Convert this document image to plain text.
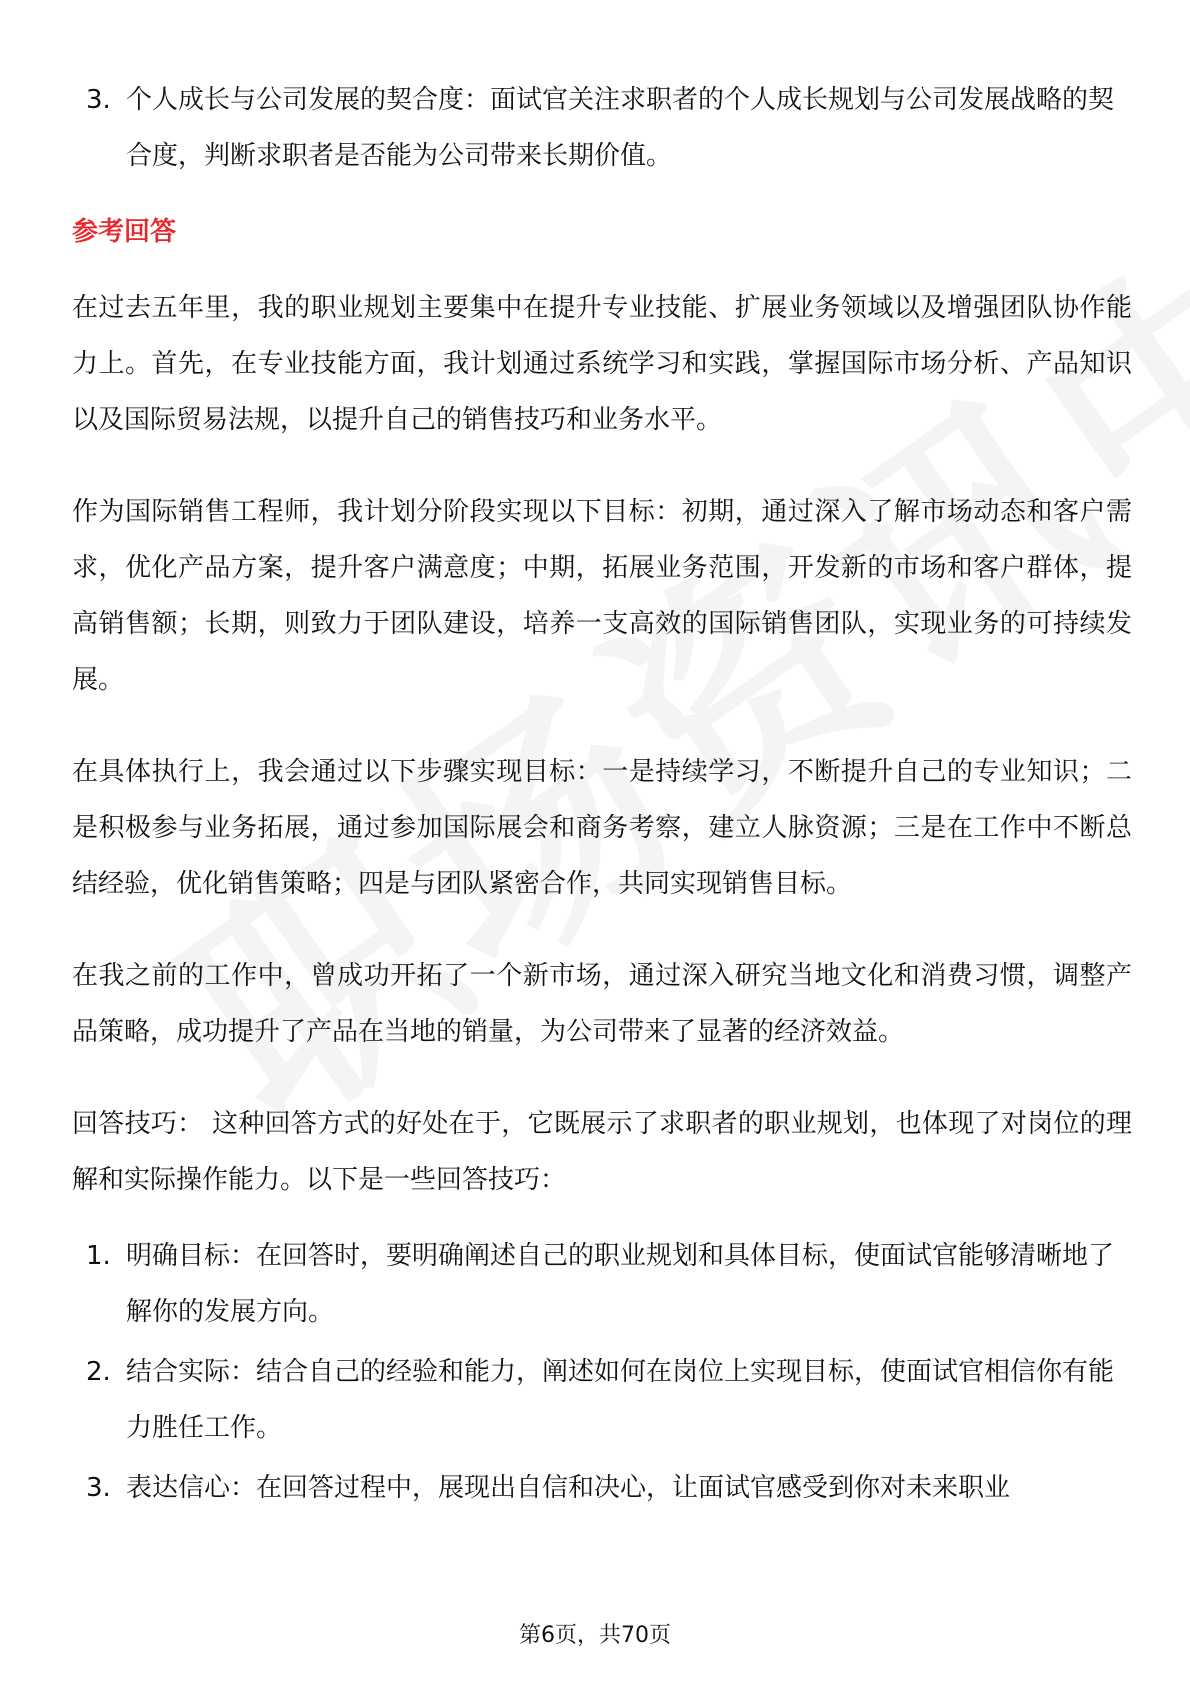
3. 个人成长与公司发展的契合度：面试官关注求职者的个人成长规划与公司发展战略的契合度，判断求职者是否能为公司带来长期价值。
参考回答

在过去五年里，我的职业规划主要集中在提升专业技能、扩展业务领域以及增强团队协作能力上。首先，在专业技能方面，我计划通过系统学习和实践，掌握国际市场分析、产品知识以及国际贸易法规，以提升自己的销售技巧和业务水平。

作为国际销售工程师，我计划分阶段实现以下目标：初期，通过深入了解市场动态和客户需求，优化产品方案，提升客户满意度；中期，拓展业务范围，开发新的市场和客户群体，提高销售额；长期，则致力于团队建设，培养一支高效的国际销售团队，实现业务的可持续发展。

在具体执行上，我会通过以下步骤实现目标：一是持续学习，不断提升自己的专业知识；二是积极参与业务拓展，通过参加国际展会和商务考察，建立人脉资源；三是在工作中不断总结经验，优化销售策略；四是与团队紧密合作，共同实现销售目标。

在我之前的工作中，曾成功开拓了一个新市场，通过深入研究当地文化和消费习惯，调整产品策略，成功提升了产品在当地的销量，为公司带来了显著的经济效益。

回答技巧： 这种回答方式的好处在于，它既展示了求职者的职业规划，也体现了对岗位的理解和实际操作能力。以下是一些回答技巧：

1. 明确目标：在回答时，要明确阐述自己的职业规划和具体目标，使面试官能够清晰地了解你的发展方向。
2. 结合实际：结合自己的经验和能力，阐述如何在岗位上实现目标，使面试官相信你有能力胜任工作。
3. 表达信心：在回答过程中，展现出自信和决心，让面试官感受到你对未来职业
第6页，共70页
